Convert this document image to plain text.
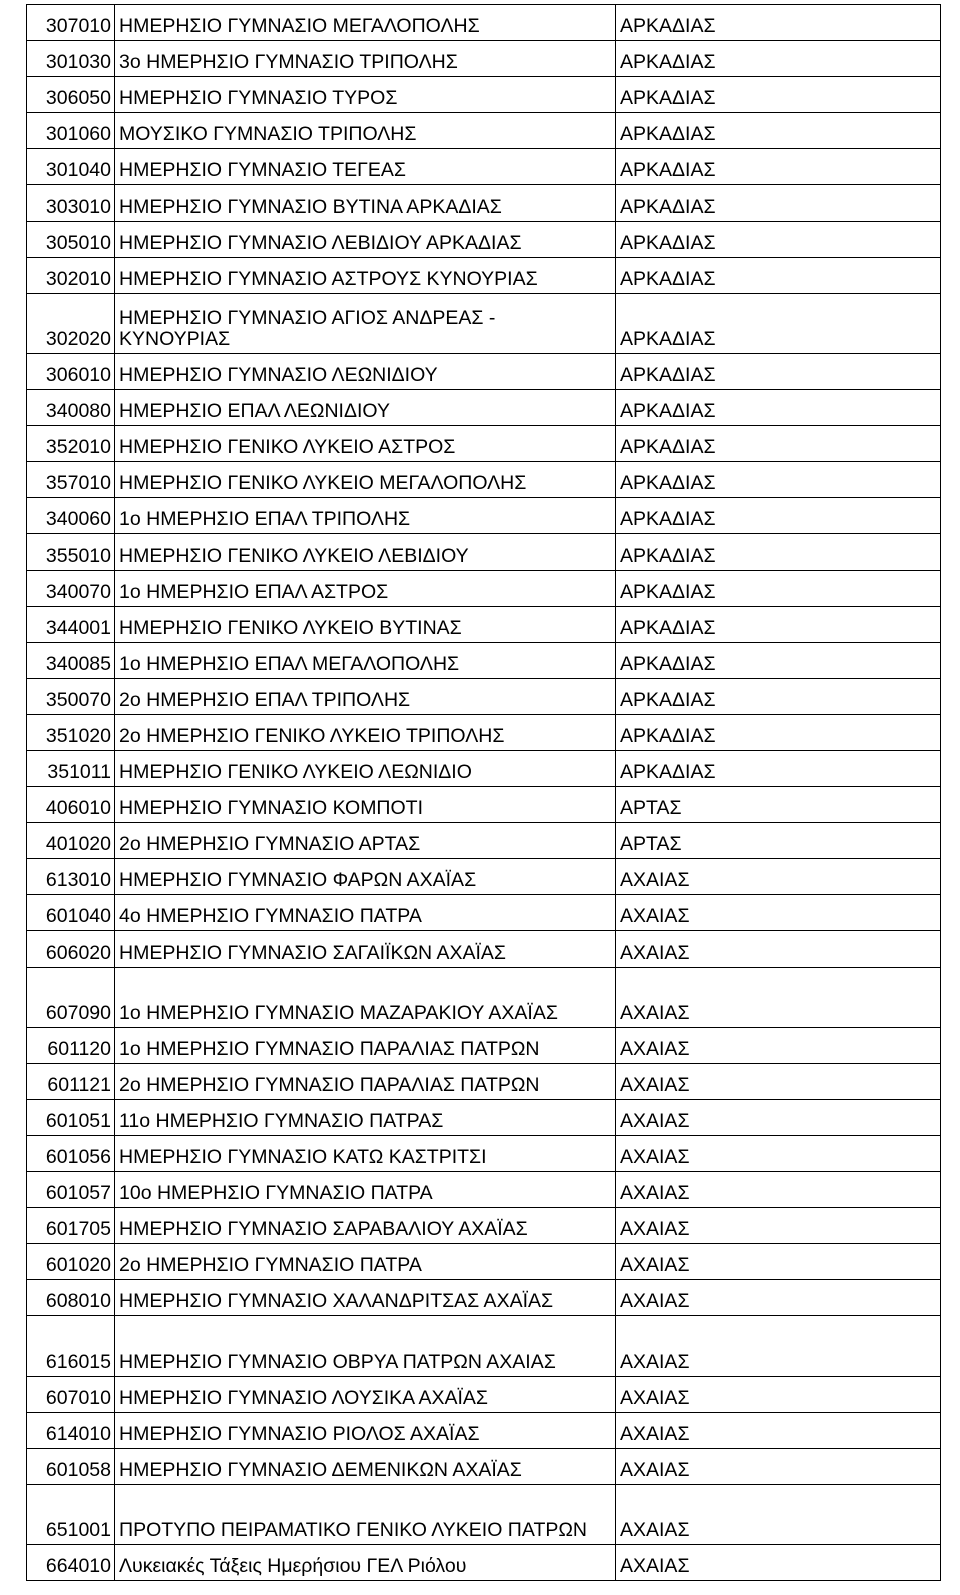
307010	ΗΜΕΡΗΣΙΟ ΓΥΜΝΑΣΙΟ ΜΕΓΑΛΟΠΟΛΗΣ	ΑΡΚΑΔΙΑΣ
301030	3ο ΗΜΕΡΗΣΙΟ ΓΥΜΝΑΣΙΟ ΤΡΙΠΟΛΗΣ	ΑΡΚΑΔΙΑΣ
306050	ΗΜΕΡΗΣΙΟ ΓΥΜΝΑΣΙΟ ΤΥΡΟΣ	ΑΡΚΑΔΙΑΣ
301060	ΜΟΥΣΙΚΟ ΓΥΜΝΑΣΙΟ ΤΡΙΠΟΛΗΣ	ΑΡΚΑΔΙΑΣ
301040	ΗΜΕΡΗΣΙΟ ΓΥΜΝΑΣΙΟ ΤΕΓΕΑΣ	ΑΡΚΑΔΙΑΣ
303010	ΗΜΕΡΗΣΙΟ ΓΥΜΝΑΣΙΟ ΒΥΤΙΝΑ ΑΡΚΑΔΙΑΣ	ΑΡΚΑΔΙΑΣ
305010	ΗΜΕΡΗΣΙΟ ΓΥΜΝΑΣΙΟ ΛΕΒΙΔΙΟΥ ΑΡΚΑΔΙΑΣ	ΑΡΚΑΔΙΑΣ
302010	ΗΜΕΡΗΣΙΟ ΓΥΜΝΑΣΙΟ ΑΣΤΡΟΥΣ ΚΥΝΟΥΡΙΑΣ	ΑΡΚΑΔΙΑΣ
302020	ΗΜΕΡΗΣΙΟ ΓΥΜΝΑΣΙΟ ΑΓΙΟΣ ΑΝΔΡΕΑΣ - ΚΥΝΟΥΡΙΑΣ	ΑΡΚΑΔΙΑΣ
306010	ΗΜΕΡΗΣΙΟ ΓΥΜΝΑΣΙΟ ΛΕΩΝΙΔΙΟΥ	ΑΡΚΑΔΙΑΣ
340080	ΗΜΕΡΗΣΙΟ ΕΠΑΛ ΛΕΩΝΙΔΙΟΥ	ΑΡΚΑΔΙΑΣ
352010	ΗΜΕΡΗΣΙΟ ΓΕΝΙΚΟ ΛΥΚΕΙΟ ΑΣΤΡΟΣ	ΑΡΚΑΔΙΑΣ
357010	ΗΜΕΡΗΣΙΟ ΓΕΝΙΚΟ ΛΥΚΕΙΟ ΜΕΓΑΛΟΠΟΛΗΣ	ΑΡΚΑΔΙΑΣ
340060	1ο ΗΜΕΡΗΣΙΟ ΕΠΑΛ ΤΡΙΠΟΛΗΣ	ΑΡΚΑΔΙΑΣ
355010	ΗΜΕΡΗΣΙΟ ΓΕΝΙΚΟ ΛΥΚΕΙΟ ΛΕΒΙΔΙΟΥ	ΑΡΚΑΔΙΑΣ
340070	1ο ΗΜΕΡΗΣΙΟ ΕΠΑΛ ΑΣΤΡΟΣ	ΑΡΚΑΔΙΑΣ
344001	ΗΜΕΡΗΣΙΟ ΓΕΝΙΚΟ ΛΥΚΕΙΟ ΒΥΤΙΝΑΣ	ΑΡΚΑΔΙΑΣ
340085	1ο ΗΜΕΡΗΣΙΟ ΕΠΑΛ ΜΕΓΑΛΟΠΟΛΗΣ	ΑΡΚΑΔΙΑΣ
350070	2ο ΗΜΕΡΗΣΙΟ ΕΠΑΛ ΤΡΙΠΟΛΗΣ	ΑΡΚΑΔΙΑΣ
351020	2ο ΗΜΕΡΗΣΙΟ ΓΕΝΙΚΟ ΛΥΚΕΙΟ ΤΡΙΠΟΛΗΣ	ΑΡΚΑΔΙΑΣ
351011	ΗΜΕΡΗΣΙΟ ΓΕΝΙΚΟ ΛΥΚΕΙΟ ΛΕΩΝΙΔΙΟ	ΑΡΚΑΔΙΑΣ
406010	ΗΜΕΡΗΣΙΟ ΓΥΜΝΑΣΙΟ ΚΟΜΠΟΤΙ	ΑΡΤΑΣ
401020	2ο ΗΜΕΡΗΣΙΟ ΓΥΜΝΑΣΙΟ ΑΡΤΑΣ	ΑΡΤΑΣ
613010	ΗΜΕΡΗΣΙΟ ΓΥΜΝΑΣΙΟ ΦΑΡΩΝ ΑΧΑΪΑΣ	ΑΧΑΙΑΣ
601040	4ο ΗΜΕΡΗΣΙΟ ΓΥΜΝΑΣΙΟ ΠΑΤΡΑ	ΑΧΑΙΑΣ
606020	ΗΜΕΡΗΣΙΟ ΓΥΜΝΑΣΙΟ ΣΑΓΑΙΪΚΩΝ ΑΧΑΪΑΣ	ΑΧΑΙΑΣ
607090	1ο ΗΜΕΡΗΣΙΟ ΓΥΜΝΑΣΙΟ ΜΑΖΑΡΑΚΙΟΥ ΑΧΑΪΑΣ	ΑΧΑΙΑΣ
601120	1ο ΗΜΕΡΗΣΙΟ ΓΥΜΝΑΣΙΟ ΠΑΡΑΛΙΑΣ ΠΑΤΡΩΝ	ΑΧΑΙΑΣ
601121	2ο ΗΜΕΡΗΣΙΟ ΓΥΜΝΑΣΙΟ ΠΑΡΑΛΙΑΣ ΠΑΤΡΩΝ	ΑΧΑΙΑΣ
601051	11ο ΗΜΕΡΗΣΙΟ ΓΥΜΝΑΣΙΟ ΠΑΤΡΑΣ	ΑΧΑΙΑΣ
601056	ΗΜΕΡΗΣΙΟ ΓΥΜΝΑΣΙΟ ΚΑΤΩ ΚΑΣΤΡΙΤΣΙ	ΑΧΑΙΑΣ
601057	10ο ΗΜΕΡΗΣΙΟ ΓΥΜΝΑΣΙΟ ΠΑΤΡΑ	ΑΧΑΙΑΣ
601705	ΗΜΕΡΗΣΙΟ ΓΥΜΝΑΣΙΟ ΣΑΡΑΒΑΛΙΟΥ ΑΧΑΪΑΣ	ΑΧΑΙΑΣ
601020	2ο ΗΜΕΡΗΣΙΟ ΓΥΜΝΑΣΙΟ ΠΑΤΡΑ	ΑΧΑΙΑΣ
608010	ΗΜΕΡΗΣΙΟ ΓΥΜΝΑΣΙΟ ΧΑΛΑΝΔΡΙΤΣΑΣ ΑΧΑΪΑΣ	ΑΧΑΙΑΣ
616015	ΗΜΕΡΗΣΙΟ ΓΥΜΝΑΣΙΟ ΟΒΡΥΑ ΠΑΤΡΩΝ ΑΧΑΙΑΣ	ΑΧΑΙΑΣ
607010	ΗΜΕΡΗΣΙΟ ΓΥΜΝΑΣΙΟ ΛΟΥΣΙΚΑ ΑΧΑΪΑΣ	ΑΧΑΙΑΣ
614010	ΗΜΕΡΗΣΙΟ ΓΥΜΝΑΣΙΟ ΡΙΟΛΟΣ ΑΧΑΪΑΣ	ΑΧΑΙΑΣ
601058	ΗΜΕΡΗΣΙΟ ΓΥΜΝΑΣΙΟ ΔΕΜΕΝΙΚΩΝ ΑΧΑΪΑΣ	ΑΧΑΙΑΣ
651001	ΠΡΟΤΥΠΟ ΠΕΙΡΑΜΑΤΙΚΟ ΓΕΝΙΚΟ ΛΥΚΕΙΟ ΠΑΤΡΩΝ	ΑΧΑΙΑΣ
664010	Λυκειακές Τάξεις Ημερήσιου ΓΕΛ Ριόλου	ΑΧΑΙΑΣ
